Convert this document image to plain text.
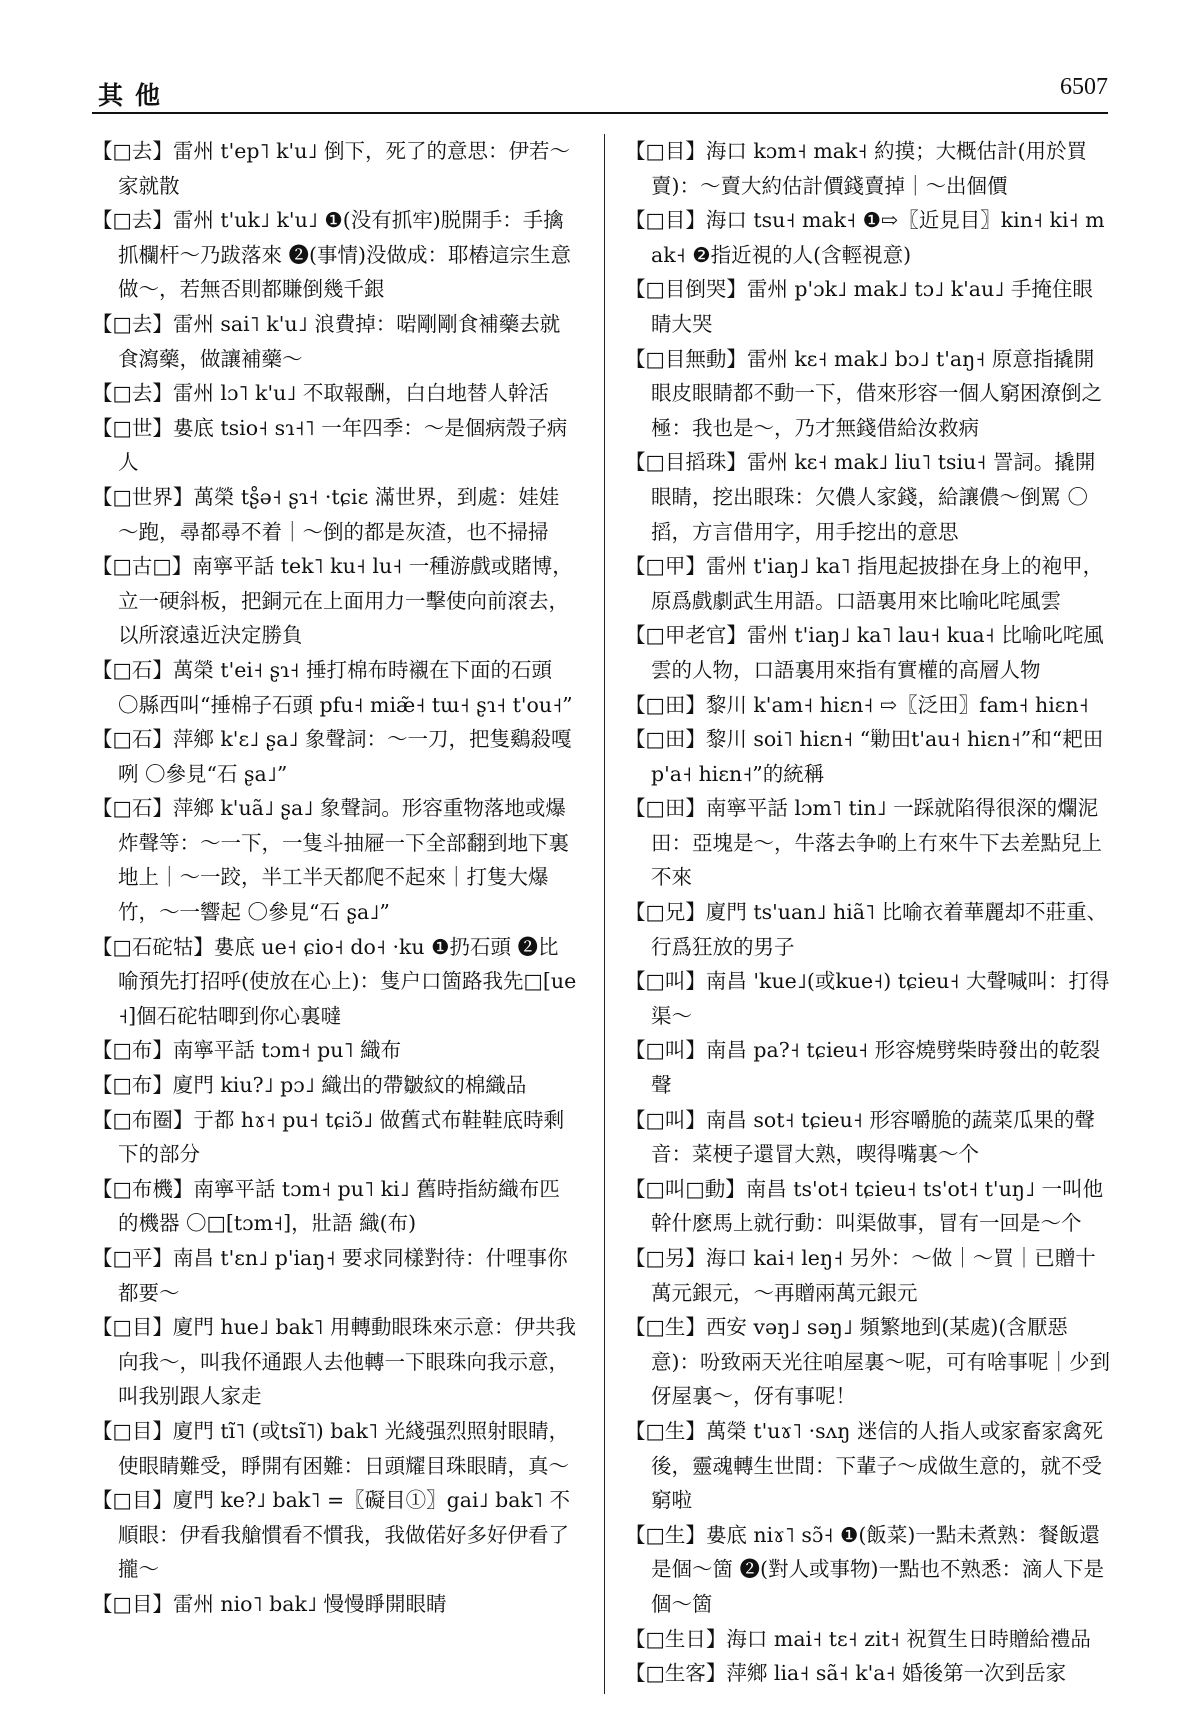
其他	6507

【□去】雷州 t'ep˥ k'u˩ 倒下，死了的意思：伊若～家就散

【□去】雷州 t'uk˩ k'u˩ ❶(没有抓牢)脱開手：手擒抓欄杆～乃跋落來 ❷(事情)没做成：耶樁這宗生意做～，若無否則都賺倒幾千銀

【□去】雷州 sai˥ k'u˩ 浪費掉：啱剛剛食補藥去就食瀉藥，做讓補藥～

【□去】雷州 lɔ˥ k'u˩ 不取報酬，白白地替人幹活

【□世】婁底 tsio˧ sɿ˧˥ 一年四季：～是個病殼子病人

【□世界】萬榮 tʂ̊ə˧ ʂɿ˧ ·tɕiɛ 滿世界，到處：娃娃～跑，尋都尋不着｜～倒的都是灰渣，也不掃掃

【□古□】南寧平話 tek˥ ku˧ lu˧ 一種游戲或賭博，立一硬斜板，把銅元在上面用力一擊使向前滾去，以所滾遠近決定勝負

【□石】萬榮 t'ei˧ ʂɿ˧ 捶打棉布時襯在下面的石頭 〇縣西叫“捶棉子石頭 pfu˧ miæ̃˧ tɯ˧ ʂɿ˧ t'ou˧”

【□石】萍鄉 k'ɛ˩ ʂa˩ 象聲詞：～一刀，把隻鷄殺嘎咧 〇參見“石 ʂa˩”

【□石】萍鄉 k'uã˩ ʂa˩ 象聲詞。形容重物落地或爆炸聲等：～一下，一隻斗抽屜一下全部翻到地下裏地上｜～一跤，半工半天都爬不起來｜打隻大爆竹，～一響起 〇參見“石 ʂa˩”

【□石砣牯】婁底 ue˧ ɕio˧ do˧ ·ku ❶扔石頭 ❷比喻預先打招呼(使放在心上)：隻户口箇路我先□[ue˧]個石砣牯唧到你心裏噠

【□布】南寧平話 tɔm˧ pu˥ 織布

【□布】廈門 kiu?˩ pɔ˩ 織出的帶皺紋的棉織品

【□布圈】于都 hɤ˧ pu˧ tɕiɔ̃˩ 做舊式布鞋鞋底時剩下的部分

【□布機】南寧平話 tɔm˧ pu˥ ki˩ 舊時指紡織布匹的機器 〇□[tɔm˧]，壯語 織(布)

【□平】南昌 t'ɛn˩ p'iaŋ˧ 要求同樣對待：什哩事你都要～

【□目】廈門 hue˩ bak˥ 用轉動眼珠來示意：伊共我向我～，叫我伓通跟人去他轉一下眼珠向我示意，叫我别跟人家走

【□目】廈門 tĩ˥ (或tsĩ˥) bak˥ 光綫强烈照射眼睛，使眼睛難受，睜開有困難：日頭耀目珠眼睛，真～

【□目】廈門 ke?˩ bak˥ =〖礙目①〗gai˩ bak˥ 不順眼：伊看我艙慣看不慣我，我做偌好多好伊看了攏～

【□目】雷州 nio˥ bak˩ 慢慢睜開眼睛

【□目】海口 kɔm˧ mak˧ 約摸；大概估計(用於買賣)：～賣大約估計價錢賣掉｜～出個價

【□目】海口 tsu˧ mak˧ ❶⇨〖近見目〗kin˧ ki˧ mak˧ ❷指近視的人(含輕視意)

【□目倒哭】雷州 p'ɔk˩ mak˩ tɔ˩ k'au˩ 手掩住眼睛大哭

【□目無動】雷州 kɛ˧ mak˩ bɔ˩ t'aŋ˧ 原意指撬開眼皮眼睛都不動一下，借來形容一個人窮困潦倒之極：我也是～，乃才無錢借給汝救病

【□目搯珠】雷州 kɛ˧ mak˩ liu˥ tsiu˧ 詈詞。撬開眼睛，挖出眼珠：欠儂人家錢，給讓儂～倒罵 〇搯，方言借用字，用手挖出的意思

【□甲】雷州 t'iaŋ˩ ka˥ 指甩起披掛在身上的袍甲，原爲戲劇武生用語。口語裏用來比喻叱咤風雲

【□甲老官】雷州 t'iaŋ˩ ka˥ lau˧ kua˧ 比喻叱咤風雲的人物，口語裏用來指有實權的高層人物

【□田】黎川 k'am˧ hiɛn˧ ⇨〖泛田〗fam˧ hiɛn˧

【□田】黎川 soi˥ hiɛn˧ “勦田t'au˧ hiɛn˧”和“耙田p'a˧ hiɛn˧”的統稱

【□田】南寧平話 lɔm˥ tin˩ 一踩就陷得很深的爛泥田：亞塊是～，牛落去争啲上冇來牛下去差點兒上不來

【□兄】廈門 ts'uan˩ hiã˥ 比喻衣着華麗却不莊重、行爲狂放的男子

【□叫】南昌 'kue˩(或kue˧) tɕieu˧ 大聲喊叫：打得渠～

【□叫】南昌 pa?˧ tɕieu˧ 形容燒劈柴時發出的乾裂聲

【□叫】南昌 sot˧ tɕieu˧ 形容嚼脆的蔬菜瓜果的聲音：菜梗子還冒大熟，喫得嘴裏～个

【□叫□動】南昌 ts'ot˧ tɕieu˧ ts'ot˧ t'uŋ˩ 一叫他幹什麽馬上就行動：叫渠做事，冒有一回是～个

【□另】海口 kai˧ leŋ˧ 另外：～做｜～買｜已贈十萬元銀元，～再贈兩萬元銀元

【□生】西安 vəŋ˩ səŋ˩ 頻繁地到(某處)(含厭惡意)：吩致兩天光往咱屋裏～呢，可有啥事呢｜少到伢屋裏～，伢有事呢！

【□生】萬榮 t'uɤ˥ ·sʌŋ 迷信的人指人或家畜家禽死後，靈魂轉生世間：下輩子～成做生意的，就不受窮啦

【□生】婁底 niɤ˥ sɔ̃˧ ❶(飯菜)一點未煮熟：餐飯還是個～箇 ❷(對人或事物)一點也不熟悉：滴人下是個～箇

【□生日】海口 mai˧ tɛ˧ zit˧ 祝賀生日時贈給禮品

【□生客】萍鄉 lia˧ sã˧ k'a˧ 婚後第一次到岳家
